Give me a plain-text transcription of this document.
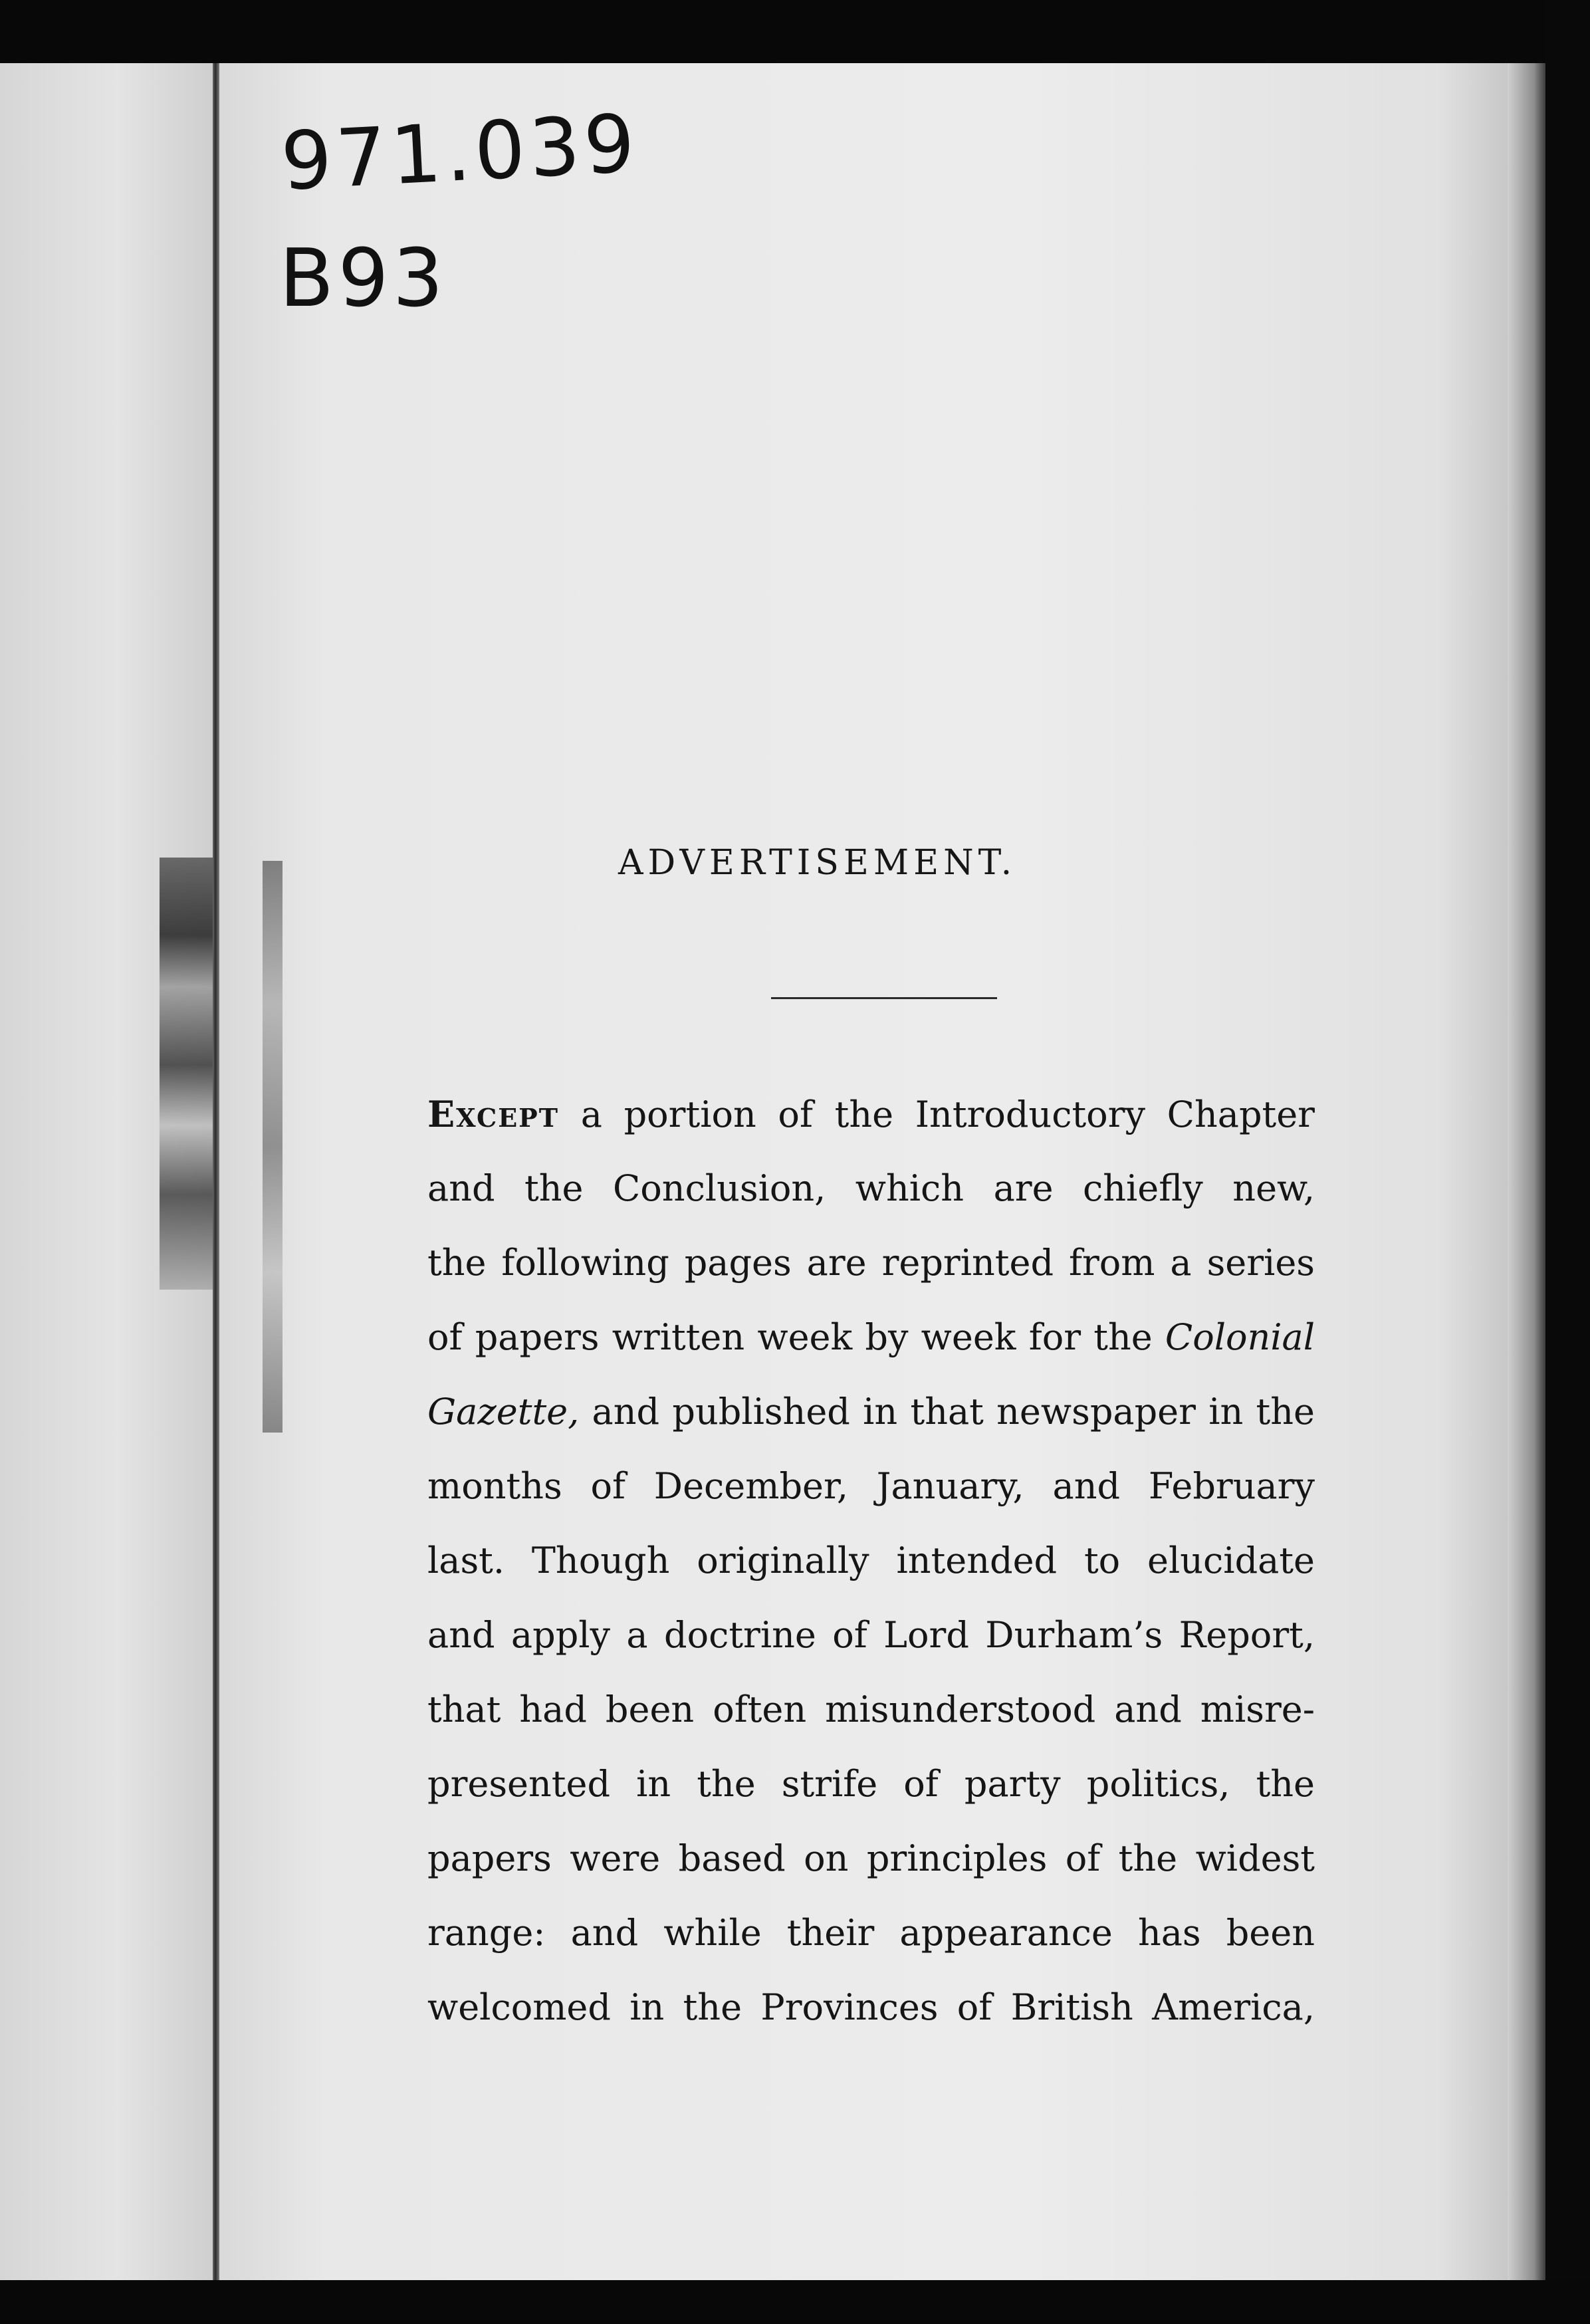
971.039
B93
ADVERTISEMENT.
Except a portion of the Introductory Chapter
and the Conclusion, which are chiefly new,
the following pages are reprinted from a series
of papers written week by week for the Colonial
Gazette, and published in that newspaper in the
months of December, January, and February
last. Though originally intended to elucidate
and apply a doctrine of Lord Durham’s Report,
that had been often misunderstood and misre-
presented in the strife of party politics, the
papers were based on principles of the widest
range: and while their appearance has been
welcomed in the Provinces of British America,
